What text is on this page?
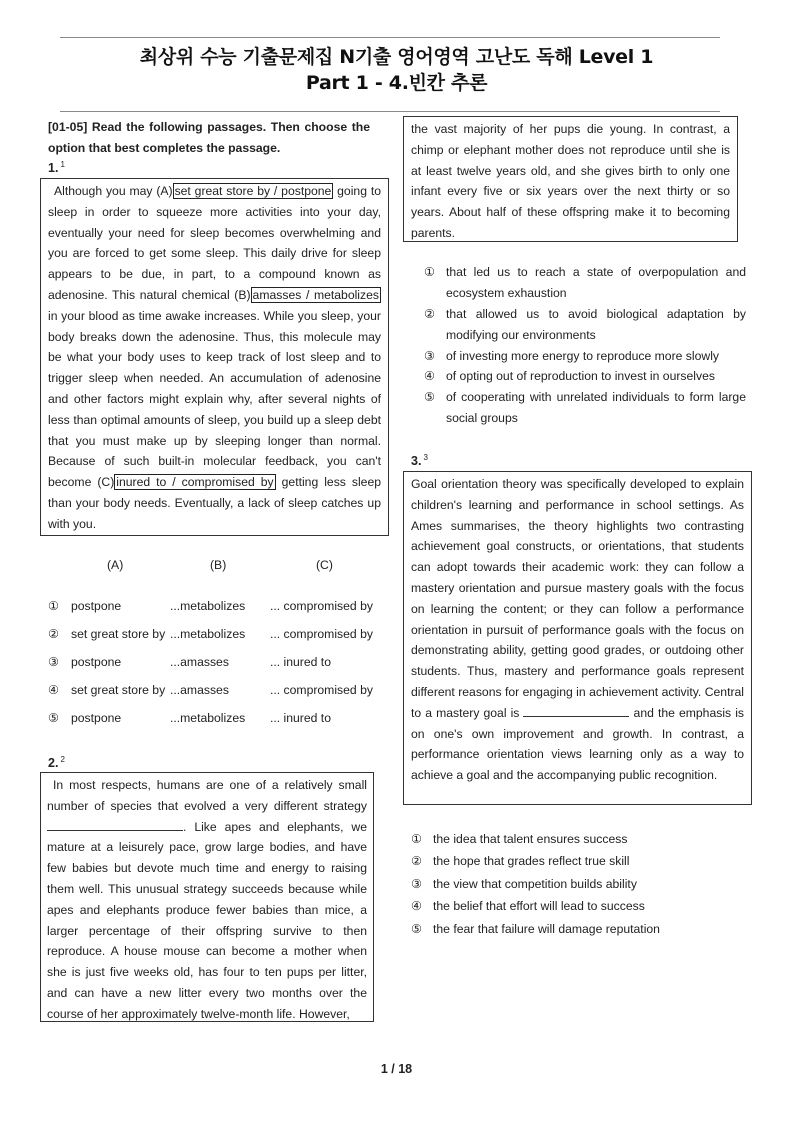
최상위 수능 기출문제집 N기출 영어영역 고난도 독해 Level 1
Part 1 - 4.빈칸 추론
[01-05] Read the following passages. Then choose the option that best completes the passage.
1. $^1$

Although you may (A) set great store by / postpone going to sleep in order to squeeze more activities into your day, eventually your need for sleep becomes overwhelming and you are forced to get some sleep. This daily drive for sleep appears to be due, in part, to a compound known as adenosine. This natural chemical (B) amasses / metabolizes in your blood as time awake increases. While you sleep, your body breaks down the adenosine. Thus, this molecule may be what your body uses to keep track of lost sleep and to trigger sleep when needed. An accumulation of adenosine and other factors might explain why, after several nights of less than optimal amounts of sleep, you build up a sleep debt that you must make up by sleeping longer than normal. Because of such built-in molecular feedback, you can't become (C) inured to / compromised by getting less sleep than your body needs. Eventually, a lack of sleep catches up with you.

(A)	(B)	(C)
① postpone	...metabolizes ... compromised by
② set great store by ...metabolizes ... compromised by
③ postpone	...amasses	... inured to
④ set great store by ...amasses	... compromised by
⑤ postpone	...metabolizes ... inured to
2. $^2$

In most respects, humans are one of a relatively small number of species that evolved a very different strategy . Like apes and elephants, we mature at a leisurely pace, grow large bodies, and have few babies but devote much time and energy to raising them well. This unusual strategy succeeds because while apes and elephants produce fewer babies than mice, a larger percentage of their offspring survive to then reproduce. A house mouse can become a mother when she is just five weeks old, has four to ten pups per litter, and can have a new litter every two months over the course of her approximately twelve-month life. However,

the vast majority of her pups die young. In contrast, a chimp or elephant mother does not reproduce until she is at least twelve years old, and she gives birth to only one infant every five or six years over the next thirty or so years. About half of these offspring make it to becoming parents.

① that led us to reach a state of overpopulation and ecosystem exhaustion
② that allowed us to avoid biological adaptation by modifying our environments
③ of investing more energy to reproduce more slowly
④ of opting out of reproduction to invest in ourselves
⑤ of cooperating with unrelated individuals to form large social groups
3. $^3$

Goal orientation theory was specifically developed to explain children's learning and performance in school settings. As Ames summarises, the theory highlights two contrasting achievement goal constructs, or orientations, that students can adopt towards their academic work: they can follow a mastery orientation and pursue mastery goals with the focus on learning the content; or they can follow a performance orientation in pursuit of performance goals with the focus on demonstrating ability, getting good grades, or outdoing other students. Thus, mastery and performance goals represent different reasons for engaging in achievement activity. Central to a mastery goal is	and the emphasis is on one's own improvement and growth. In contrast, a performance orientation views learning only as a way to achieve a goal and the accompanying public recognition.

① the idea that talent ensures success
② the hope that grades reflect true skill
③ the view that competition builds ability
④ the belief that effort will lead to success
⑤ the fear that failure will damage reputation
1 / 18
